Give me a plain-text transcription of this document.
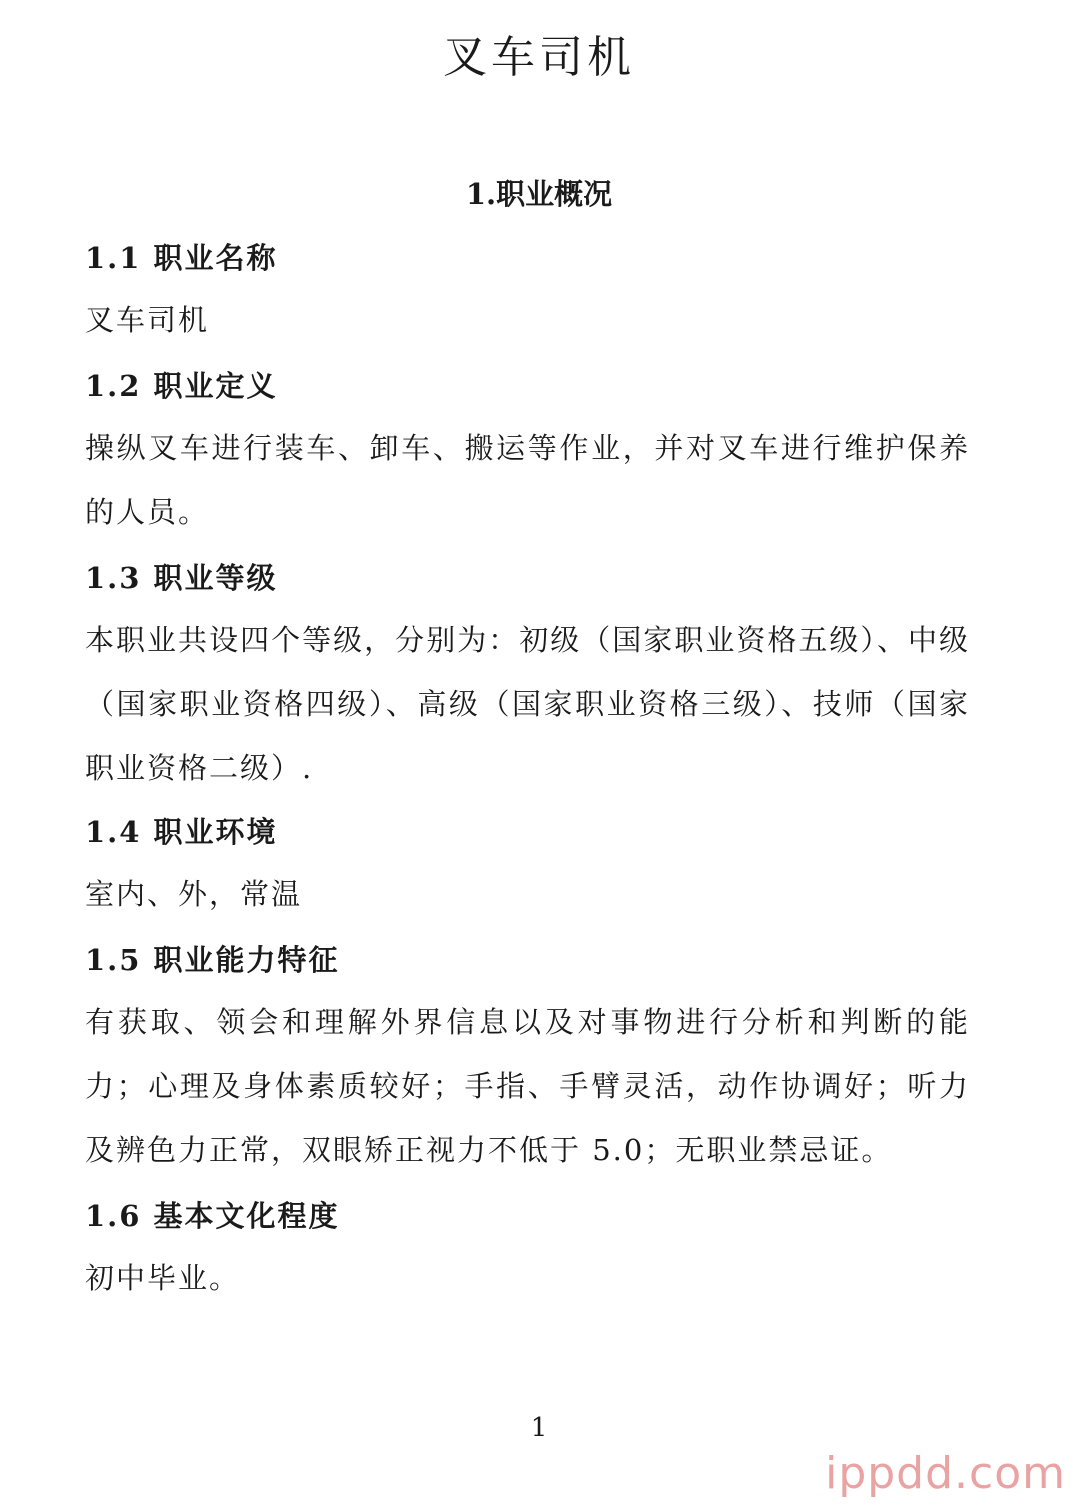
叉车司机
1.职业概况
1.1 职业名称
叉车司机
1.2 职业定义
操纵叉车进行装车、卸车、搬运等作业，并对叉车进行维护保养的人员。
1.3 职业等级
本职业共设四个等级，分别为：初级（国家职业资格五级）、中级（国家职业资格四级）、高级（国家职业资格三级）、技师（国家职业资格二级）.
1.4 职业环境
室内、外，常温
1.5 职业能力特征
有获取、领会和理解外界信息以及对事物进行分析和判断的能力；心理及身体素质较好；手指、手臂灵活，动作协调好；听力及辨色力正常，双眼矫正视力不低于 5.0；无职业禁忌证。
1.6 基本文化程度
初中毕业。
1
ippdd.com
